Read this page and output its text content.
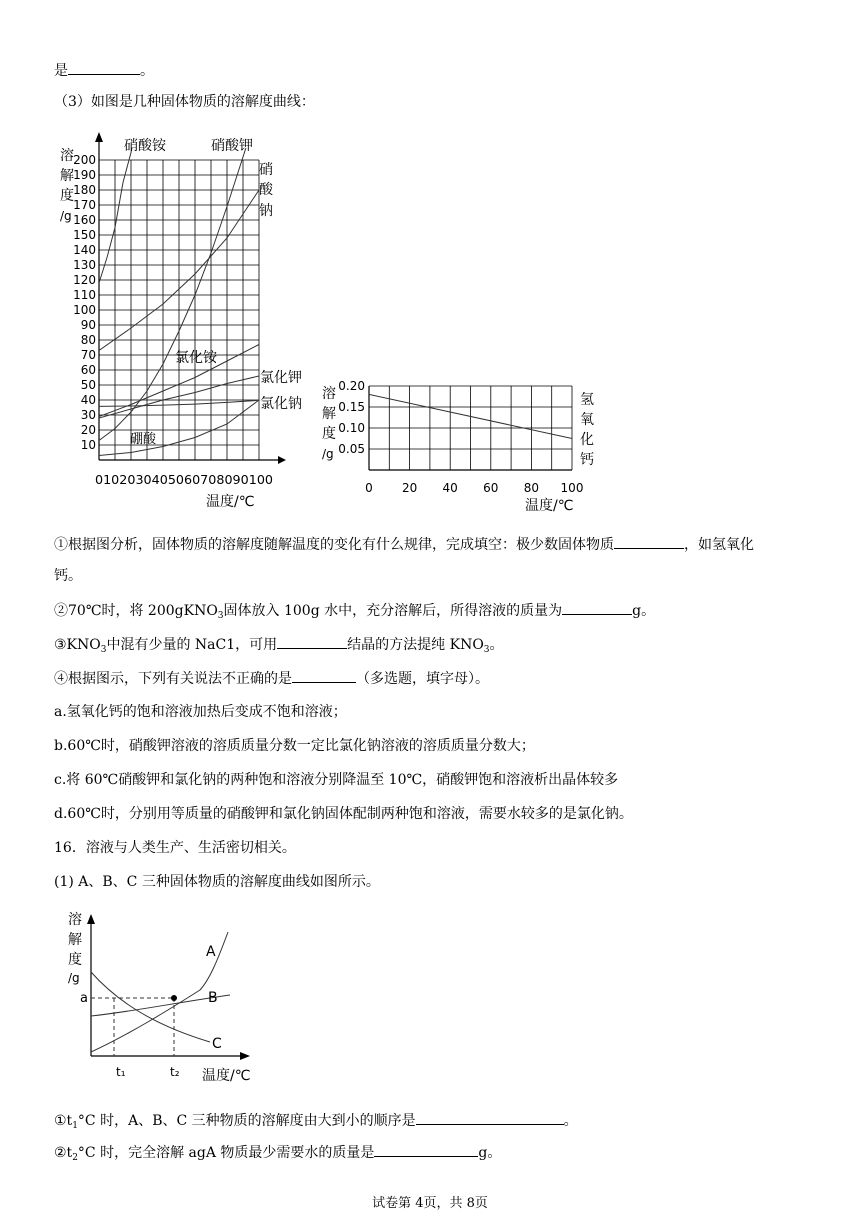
是	。
（3）如图是几种固体物质的溶解度曲线：
10
20
30
40
50
60
70
80
90
100
110
120
130
140
150
160
170
180
190
200
0102030405060708090100
溶
解
度
/g
硝酸铵	硝酸钾
硝
酸
钠
氯化铵
氯化钾
氯化钠
硼酸
温度/℃
0.05
0.10
0.15
0.20
0 20 40 60 80 100
溶
解
度
/g
氢
氧
化
钙
温度/℃
①根据图分析，固体物质的溶解度随解温度的变化有什么规律，完成填空：极少数固体物质	，如氢氧化
钙。
②70℃时，将 200gKNO$_3$固体放入 100g 水中，充分溶解后，所得溶液的质量为	g。
$③KNO_3$中混有少量的 NaC1，可用	结晶的方法提纯 $KNO_3$。
④根据图示，下列有关说法不正确的是	（多选题，填字母）。
a.氢氧化钙的饱和溶液加热后变成不饱和溶液；
b.60℃时，硝酸钾溶液的溶质质量分数一定比氯化钠溶液的溶质质量分数大；
c.将 60℃硝酸钾和氯化钠的两种饱和溶液分别降温至 10℃，硝酸钾饱和溶液析出晶体较多
d.60℃时，分别用等质量的硝酸钾和氯化钠固体配制两种饱和溶液，需要水较多的是氯化钠。
16．溶液与人类生产、生活密切相关。
(1) A、B、C 三种固体物质的溶解度曲线如图所示。
溶
解
度
/g
a
A
B
C
t₁	t₂ 温度/℃
$①t_1^\circ C$ 时，A、B、C 三种物质的溶解度由大到小的顺序是	。
$②t_2^\circ C$ 时，完全溶解 agA 物质最少需要水的质量是	g。
试卷第 4页，共 8页
